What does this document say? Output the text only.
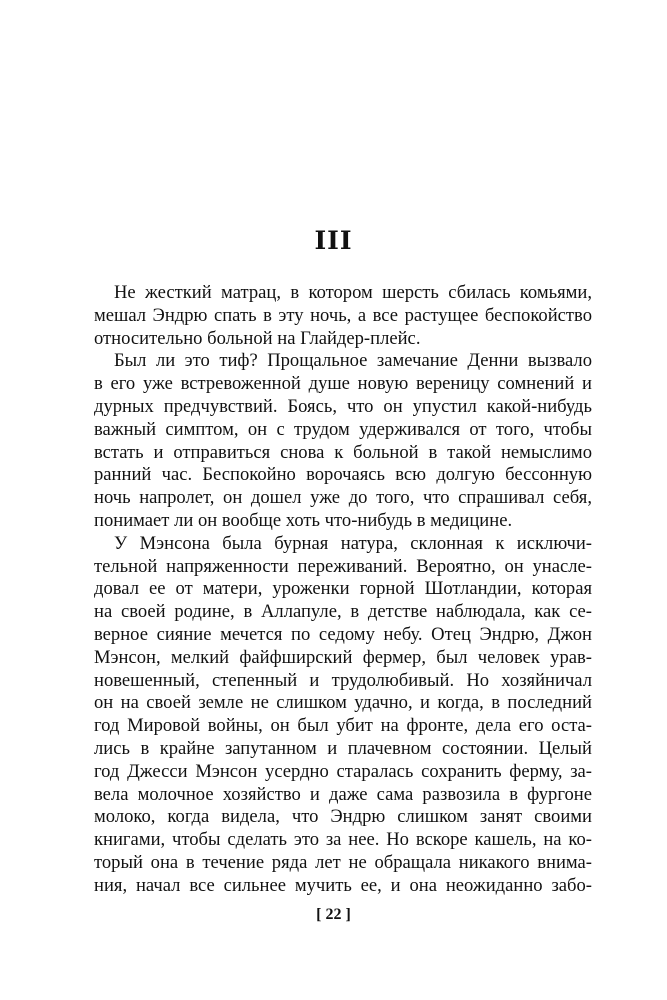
III
Не жесткий матрац, в котором шерсть сбилась комьями,
мешал Эндрю спать в эту ночь, а все растущее беспокойство
относительно больной на Глайдер-плейс.
Был ли это тиф? Прощальное замечание Денни вызвало
в его уже встревоженной душе новую вереницу сомнений и
дурных предчувствий. Боясь, что он упустил какой-нибудь
важный симптом, он с трудом удерживался от того, чтобы
встать и отправиться снова к больной в такой немыслимо
ранний час. Беспокойно ворочаясь всю долгую бессонную
ночь напролет, он дошел уже до того, что спрашивал себя,
понимает ли он вообще хоть что-нибудь в медицине.
У Мэнсона была бурная натура, склонная к исключи-
тельной напряженности переживаний. Вероятно, он унасле-
довал ее от матери, уроженки горной Шотландии, которая
на своей родине, в Аллапуле, в детстве наблюдала, как се-
верное сияние мечется по седому небу. Отец Эндрю, Джон
Мэнсон, мелкий файфширский фермер, был человек урав-
новешенный, степенный и трудолюбивый. Но хозяйничал
он на своей земле не слишком удачно, и когда, в последний
год Мировой войны, он был убит на фронте, дела его оста-
лись в крайне запутанном и плачевном состоянии. Целый
год Джесси Мэнсон усердно старалась сохранить ферму, за-
вела молочное хозяйство и даже сама развозила в фургоне
молоко, когда видела, что Эндрю слишком занят своими
книгами, чтобы сделать это за нее. Но вскоре кашель, на ко-
торый она в течение ряда лет не обращала никакого внима-
ния, начал все сильнее мучить ее, и она неожиданно забо-

[ 22 ]
